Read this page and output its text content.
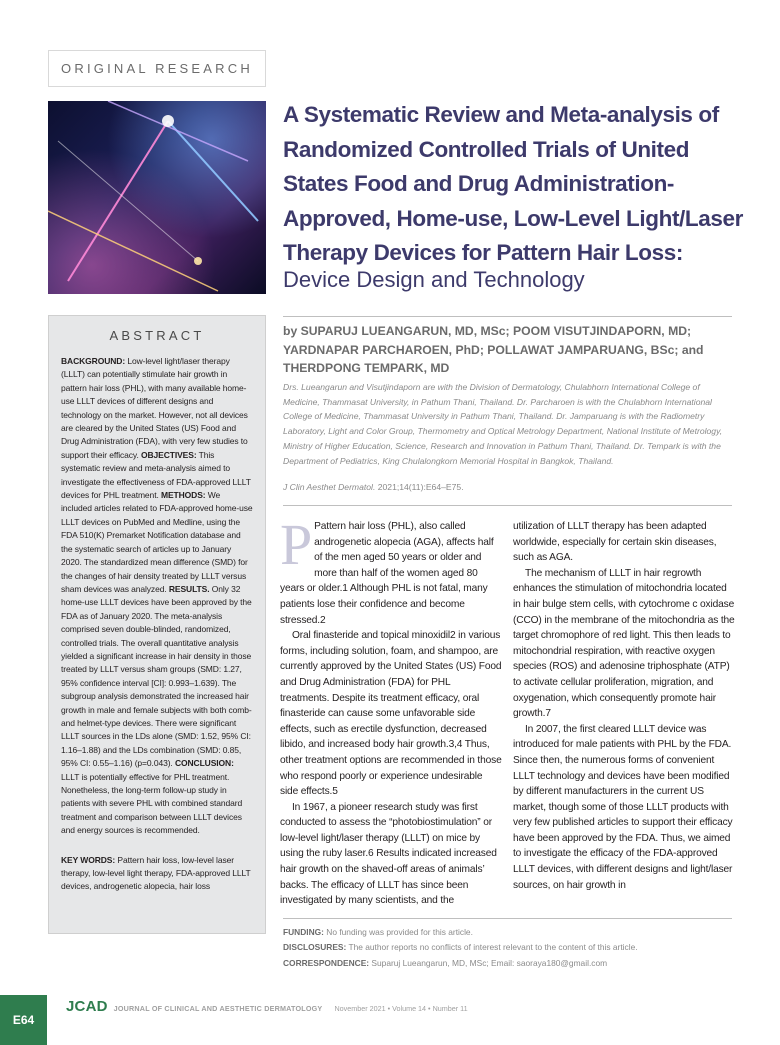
ORIGINAL RESEARCH
A Systematic Review and Meta-analysis of Randomized Controlled Trials of United States Food and Drug Administration-Approved, Home-use, Low-Level Light/Laser Therapy Devices for Pattern Hair Loss:
Device Design and Technology
by SUPARUJ LUEANGARUN, MD, MSc; POOM VISUTJINDAPORN, MD; YARDNAPAR PARCHAROEN, PhD; POLLAWAT JAMPARUANG, BSc; and THERDPONG TEMPARK, MD
Drs. Lueangarun and Visutjindaporn are with the Division of Dermatology, Chulabhorn International College of Medicine, Thammasat University, in Pathum Thani, Thailand. Dr. Parcharoen is with the Chulabhorn International College of Medicine, Thammasat University in Pathum Thani, Thailand. Dr. Jamparuang is with the Radiometry Laboratory, Light and Color Group, Thermometry and Optical Metrology Department, National Institute of Metrology, Ministry of Higher Education, Science, Research and Innovation in Pathum Thani, Thailand. Dr. Tempark is with the Department of Pediatrics, King Chulalongkorn Memorial Hospital in Bangkok, Thailand.
J Clin Aesthet Dermatol. 2021;14(11):E64–E75.
ABSTRACT
BACKGROUND: Low-level light/laser therapy (LLLT) can potentially stimulate hair growth in pattern hair loss (PHL), with many available home-use LLLT devices of different designs and technology on the market. However, not all devices are cleared by the United States (US) Food and Drug Administration (FDA), with very few studies to support their efficacy. OBJECTIVES: This systematic review and meta-analysis aimed to investigate the effectiveness of FDA-approved LLLT devices for PHL treatment. METHODS: We included articles related to FDA-approved home-use LLLT devices on PubMed and Medline, using the FDA 510(K) Premarket Notification database and the systematic search of articles up to January 2020. The standardized mean difference (SMD) for the changes of hair density treated by LLLT versus sham devices was analyzed. RESULTS. Only 32 home-use LLLT devices have been approved by the FDA as of January 2020. The meta-analysis comprised seven double-blinded, randomized, controlled trials. The overall quantitative analysis yielded a significant increase in hair density in those treated by LLLT versus sham groups (SMD: 1.27, 95% confidence interval [CI]: 0.993–1.639). The subgroup analysis demonstrated the increased hair growth in male and female subjects with both comb- and helmet-type devices. There were significant LLLT sources in the LDs alone (SMD: 1.52, 95% CI: 1.16–1.88) and the LDs combination (SMD: 0.85, 95% CI: 0.55–1.16) (p=0.043). CONCLUSION: LLLT is potentially effective for PHL treatment. Nonetheless, the long-term follow-up study in patients with severe PHL with combined standard treatment and comparison between LLLT devices and energy sources is recommended.
KEY WORDS: Pattern hair loss, low-level laser therapy, low-level light therapy, FDA-approved LLLT devices, androgenetic alopecia, hair loss
P Pattern hair loss (PHL), also called androgenetic alopecia (AGA), affects half of the men aged 50 years or older and more than half of the women aged 80 years or older.1 Although PHL is not fatal, many patients lose their confidence and become stressed.2

Oral finasteride and topical minoxidil2 in various forms, including solution, foam, and shampoo, are currently approved by the United States (US) Food and Drug Administration (FDA) for PHL treatments. Despite its treatment efficacy, oral finasteride can cause some unfavorable side effects, such as erectile dysfunction, decreased libido, and increased body hair growth.3,4 Thus, other treatment options are recommended in those who respond poorly or experience undesirable side effects.5

In 1967, a pioneer research study was first conducted to assess the “photobiostimulation” or low-level light/laser therapy (LLLT) on mice by using the ruby laser.6 Results indicated increased hair growth on the shaved-off areas of animals’ backs. The efficacy of LLLT has since been investigated by many scientists, and the

utilization of LLLT therapy has been adapted worldwide, especially for certain skin diseases, such as AGA.

The mechanism of LLLT in hair regrowth enhances the stimulation of mitochondria located in hair bulge stem cells, with cytochrome c oxidase (CCO) in the membrane of the mitochondria as the target chromophore of red light. This then leads to mitochondrial respiration, with reactive oxygen species (ROS) and adenosine triphosphate (ATP) to activate cellular proliferation, migration, and oxygenation, which consequently promote hair growth.7

In 2007, the first cleared LLLT device was introduced for male patients with PHL by the FDA. Since then, the numerous forms of convenient LLLT technology and devices have been modified by different manufacturers in the current US market, though some of those LLLT products with very few published articles to support their efficacy have been approved by the FDA. Thus, we aimed to investigate the efficacy of the FDA-approved LLLT devices, with different designs and light/laser sources, on hair growth in

FUNDING: No funding was provided for this article.
DISCLOSURES: The author reports no conflicts of interest relevant to the content of this article.
CORRESPONDENCE: Suparuj Lueangarun, MD, MSc; Email: saoraya180@gmail.com
E64
JCAD JOURNAL OF CLINICAL AND AESTHETIC DERMATOLOGY November 2021 • Volume 14 • Number 11
